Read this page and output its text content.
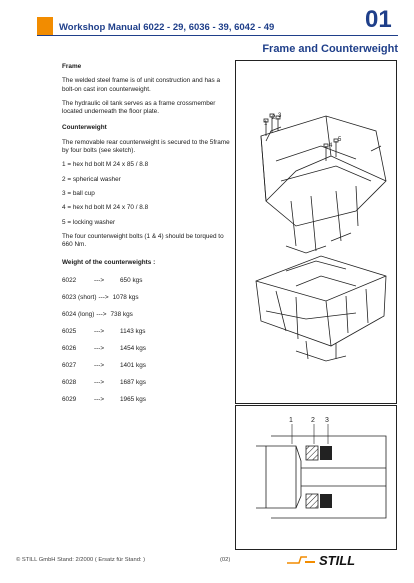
Workshop Manual 6022 - 29, 6036 - 39, 6042 - 49	01
Frame and Counterweight

Frame

The welded steel frame is of unit construction and has a bolt-on cast iron counterweight.

The hydraulic oil tank serves as a frame crossmember located underneath the floor plate.

Counterweight

The removable rear counterweight is secured to the 5frame by four bolts (see sketch).

1 = hex hd bolt M 24 x 85 / 8.8

2 = spherical washer

3 = ball cup

4 = hex hd bolt M 24 x 70 / 8.8

5 = locking washer

The four counterweight bolts (1 & 4) should be torqued to 660 Nm.

Weight of the counterweights :

6022	--->	650 kgs
6023 (short) ---> 1078 kgs
6024 (long) ---> 738 kgs
6025	--->	1143 kgs
6026	--->	1454 kgs
6027	--->	1401 kgs
6028	--->	1687 kgs
6029	--->	1965 kgs
1
2 3
4
5
1	2 3
© STILL GmbH Stand: 2/2000 ( Ersatz für Stand: )	(02)	STILL
